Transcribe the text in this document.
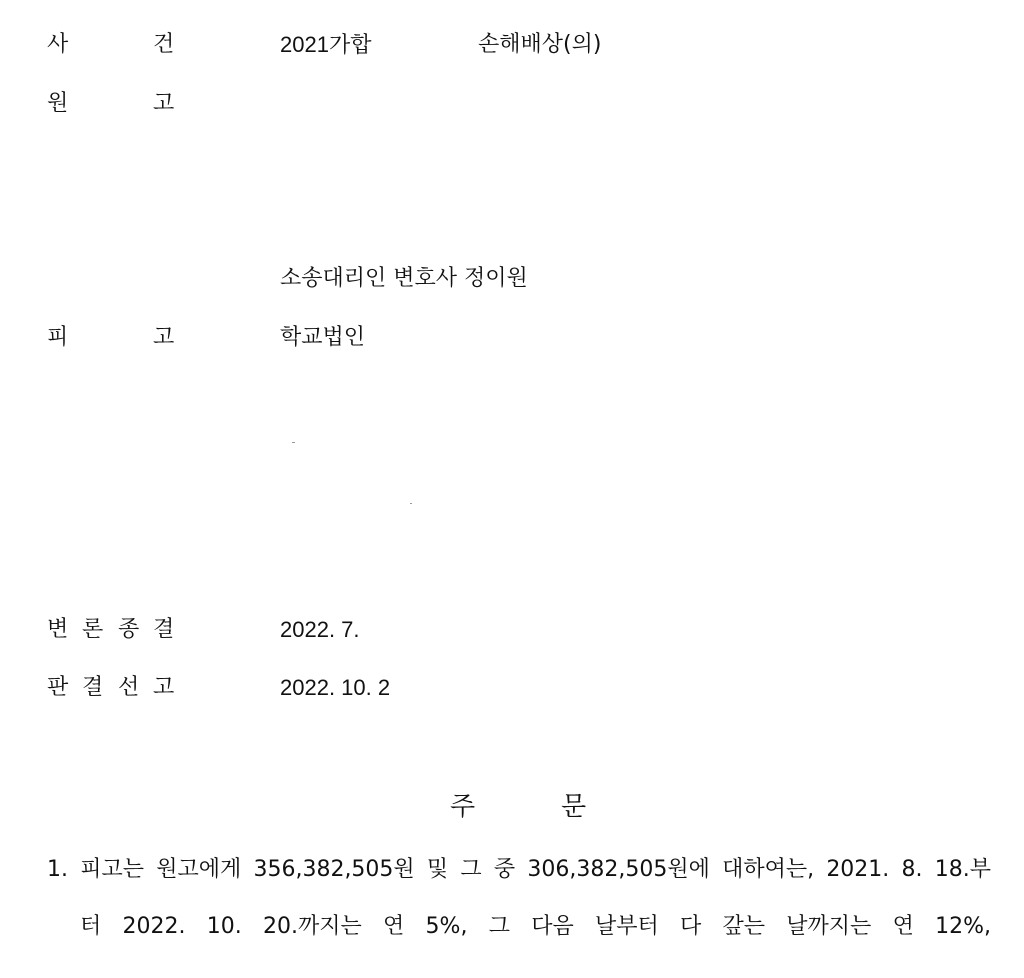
사	건	2021가합	손해배상(의)
원	고
소송대리인 변호사 정이원
피	고	학교법인
변 론 종 결	2022. 7.
판 결 선 고	2022. 10. 2
주	문
1. 피고는 원고에게 356,382,505원 및 그 중 306,382,505원에 대하여는, 2021. 8. 18.부
터 2022. 10. 20.까지는 연 5%, 그 다음 날부터 다 갚는 날까지는 연 12%,
